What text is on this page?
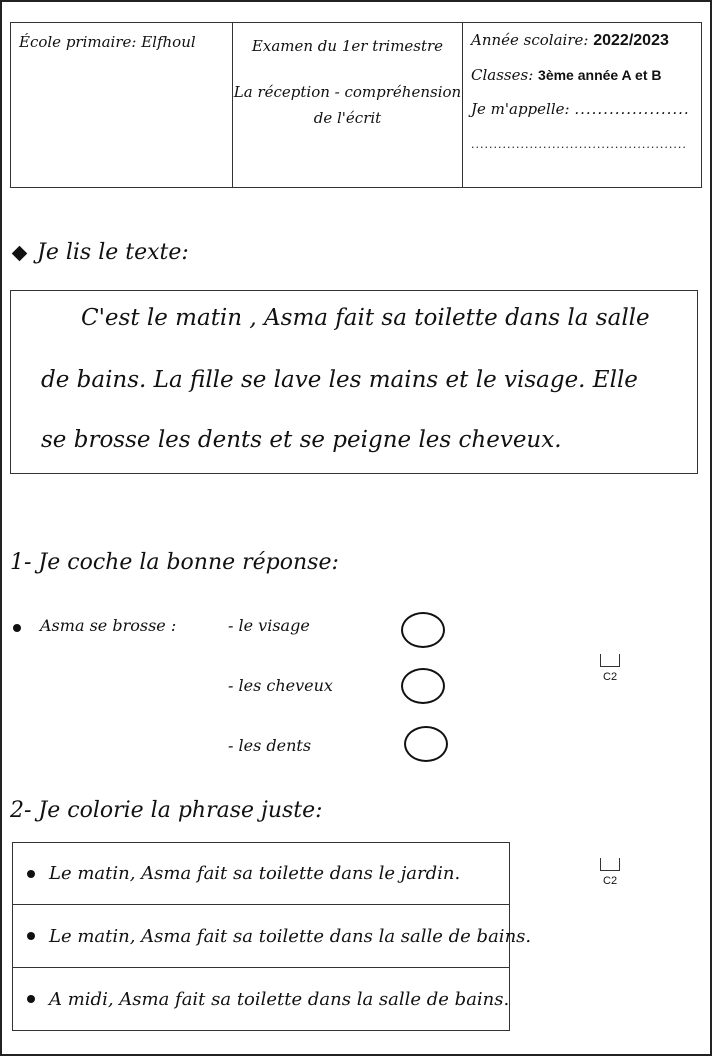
École primaire: Elfhoul	Examen du 1er trimestre
La réception - compréhension
de l'écrit
Année scolaire: 2022/2023
Classes: 3ème année A et B
Je m'appelle: ....................
................................................
Je lis le texte:
C'est le matin , Asma fait sa toilette dans la salle
de bains. La fille se lave les mains et le visage. Elle
se brosse les dents et se peigne les cheveux.
1- Je coche la bonne réponse:
Asma se brosse :	- le visage
- les cheveux
- les dents
C2
2- Je colorie la phrase juste:
Le matin, Asma fait sa toilette dans le jardin.
Le matin, Asma fait sa toilette dans la salle de bains.
A midi, Asma fait sa toilette dans la salle de bains.
C2
